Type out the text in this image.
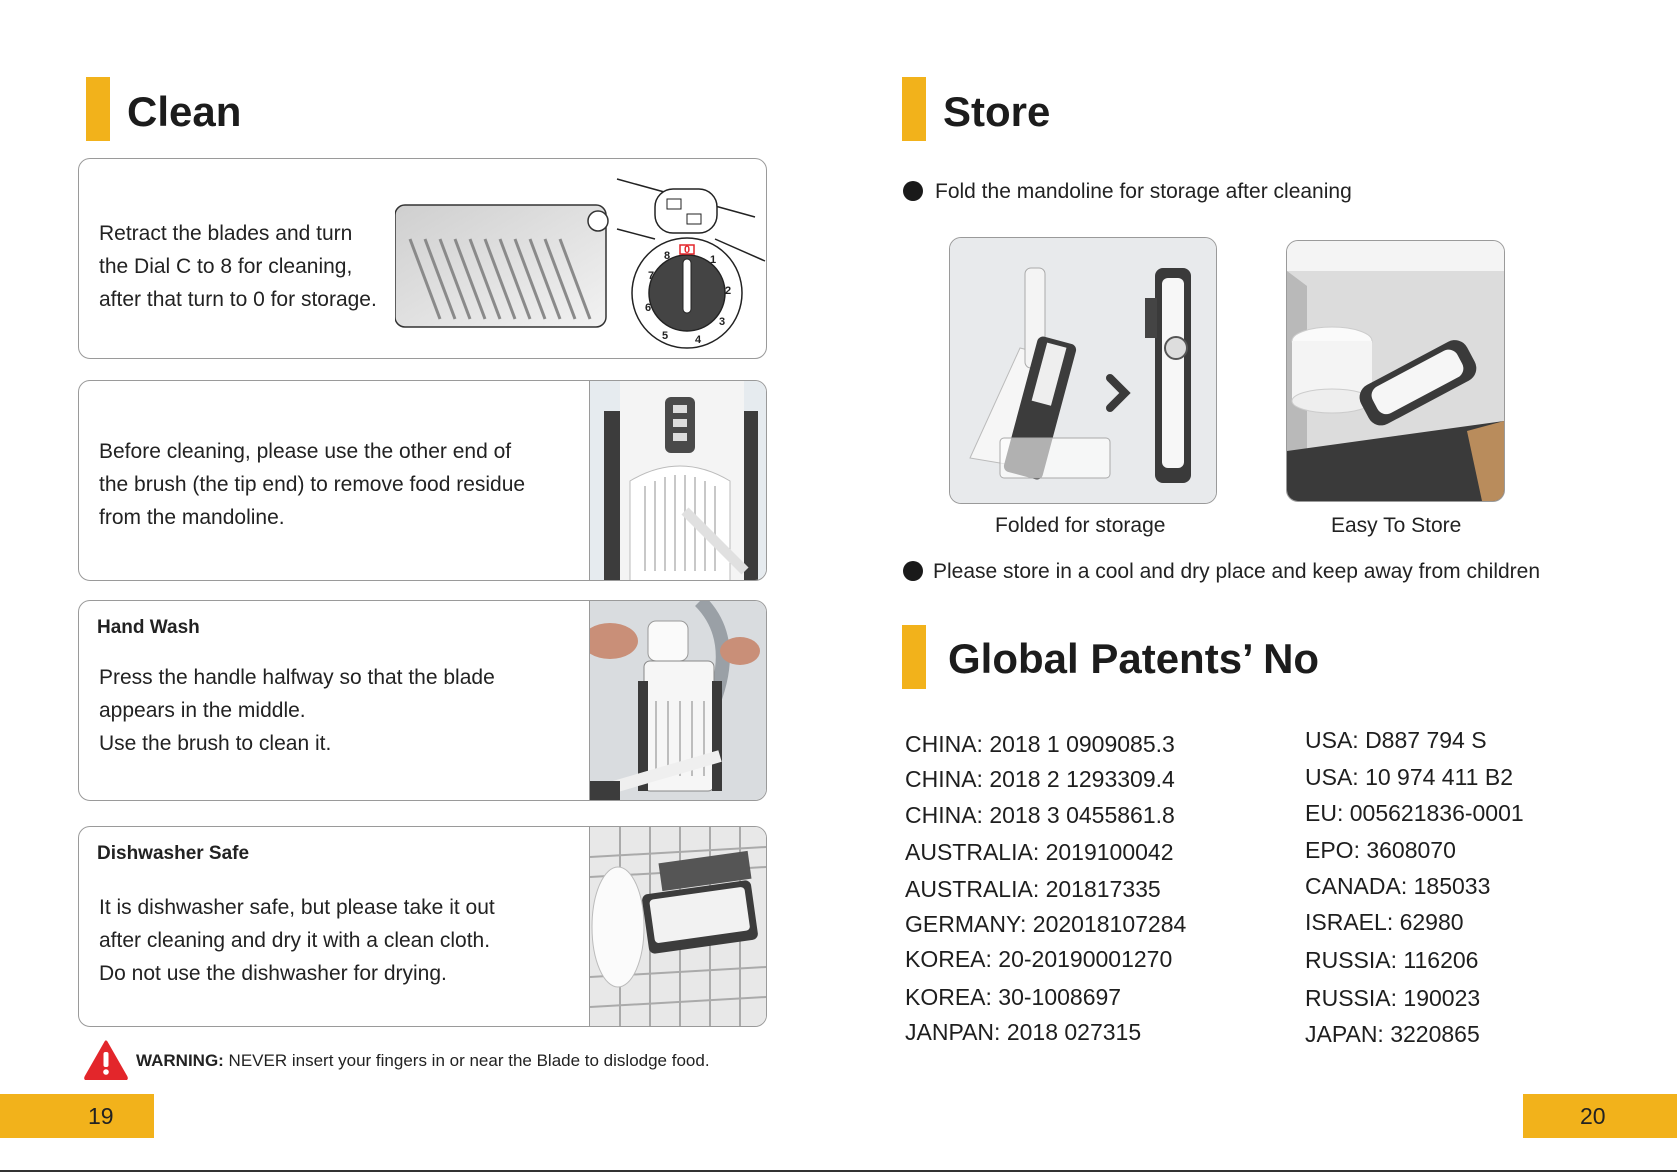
Clean
Retract the blades and turn
the Dial C to 8 for cleaning,
after that turn to 0 for storage.
0
1
2
3
4
5
6
7
8
Before cleaning, please use the other end of
the brush (the tip end) to remove food residue
from the mandoline.
Hand Wash
Press the handle halfway so that the blade
appears in the middle.
Use the brush to clean it.
Dishwasher Safe
It is dishwasher safe, but please take it out
after cleaning and dry it with a clean cloth.
Do not use the dishwasher for drying.
WARNING: NEVER insert your fingers in or near the Blade to dislodge food.
19
Store
Fold the mandoline for storage after cleaning
Folded for storage	Easy To Store
Please store in a cool and dry place and keep away from children
Global Patents’ No
CHINA: 2018 1 0909085.3
CHINA: 2018 2 1293309.4
CHINA: 2018 3 0455861.8
AUSTRALIA: 2019100042
AUSTRALIA: 201817335
GERMANY: 202018107284
KOREA: 20-20190001270
KOREA: 30-1008697
JANPAN: 2018 027315
USA: D887 794 S
USA: 10 974 411 B2
EU: 005621836-0001
EPO: 3608070
CANADA: 185033
ISRAEL: 62980
RUSSIA: 116206
RUSSIA: 190023
JAPAN: 3220865
20
